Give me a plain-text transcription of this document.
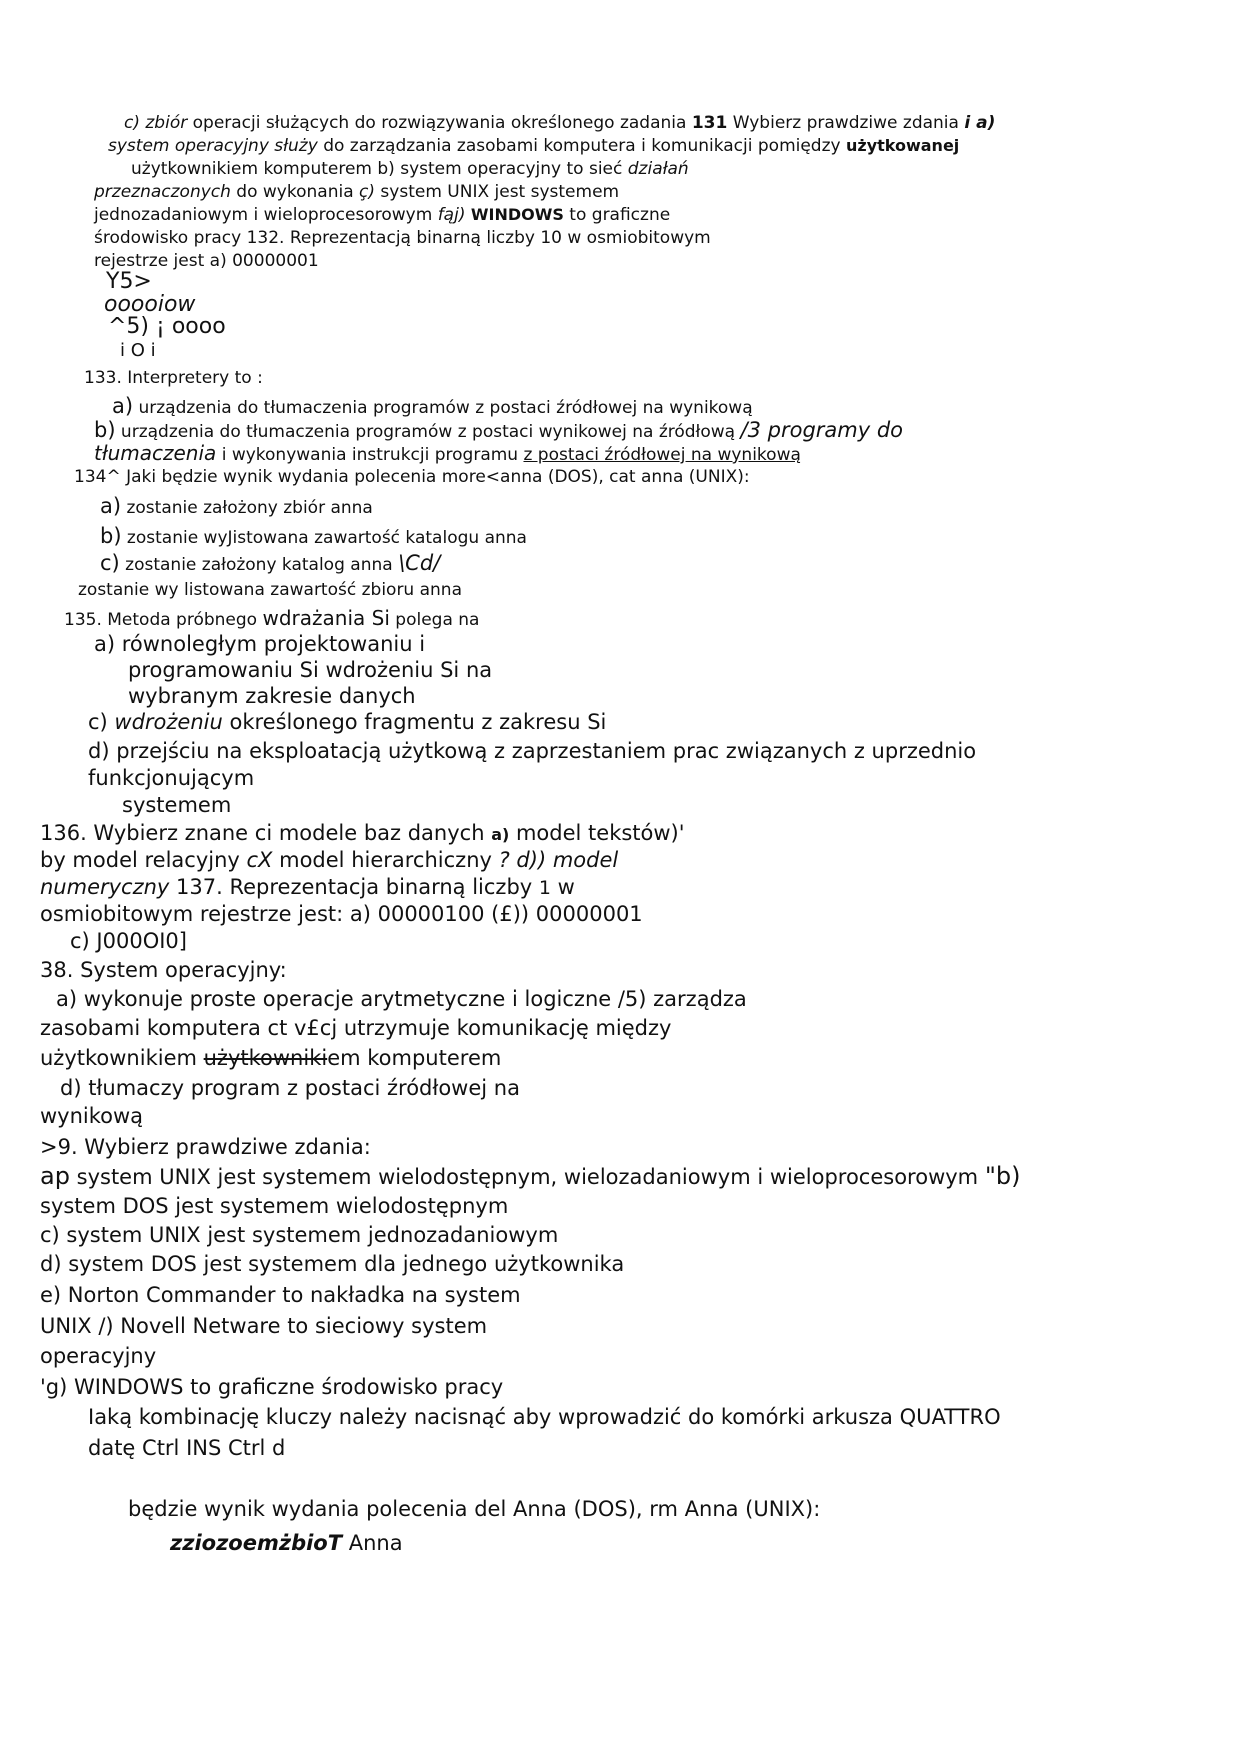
c) zbiór operacji służących do rozwiązywania określonego zadania 131 Wybierz prawdziwe zdania i a)
system operacyjny służy do zarządzania zasobami komputera i komunikacji pomiędzy użytkowanej
użytkownikiem komputerem b) system operacyjny to sieć działań
przeznaczonych do wykonania ç) system UNIX jest systemem
jednozadaniowym i wieloprocesorowym fąj) WINDOWS to graficzne
środowisko pracy 132. Reprezentacją binarną liczby 10 w osmiobitowym
rejestrze jest a) 00000001
Y5>
ooooiow
^5) ¡ oooo
i O i
133. Interpretery to :
a) urządzenia do tłumaczenia programów z postaci źródłowej na wynikową
b) urządzenia do tłumaczenia programów z postaci wynikowej na źródłową /3 programy do
tłumaczenia i wykonywania instrukcji programu z postaci źródłowej na wynikową
134^ Jaki będzie wynik wydania polecenia more<anna (DOS), cat anna (UNIX):
a) zostanie założony zbiór anna
b) zostanie wyJistowana zawartość katalogu anna
c) zostanie założony katalog anna \Cd/
zostanie wy listowana zawartość zbioru anna
135. Metoda próbnego wdrażania Si polega na
a) równoległym projektowaniu i
programowaniu Si wdrożeniu Si na
wybranym zakresie danych
c) wdrożeniu określonego fragmentu z zakresu Si
d) przejściu na eksploatacją użytkową z zaprzestaniem prac związanych z uprzednio
funkcjonującym
systemem
136. Wybierz znane ci modele baz danych a) model tekstów)'
by model relacyjny cX model hierarchiczny ? d)) model
numeryczny 137. Reprezentacja binarną liczby 1 w
osmiobitowym rejestrze jest: a) 00000100 (£)) 00000001
c) J000OI0]
38. System operacyjny:
a) wykonuje proste operacje arytmetyczne i logiczne /5) zarządza
zasobami komputera ct v£cj utrzymuje komunikację między
użytkownikiem użytkownikiem komputerem
d) tłumaczy program z postaci źródłowej na
wynikową
>9. Wybierz prawdziwe zdania:
ap system UNIX jest systemem wielodostępnym, wielozadaniowym i wieloprocesorowym "b)
system DOS jest systemem wielodostępnym
c) system UNIX jest systemem jednozadaniowym
d) system DOS jest systemem dla jednego użytkownika
e) Norton Commander to nakładka na system
UNIX /) Novell Netware to sieciowy system
operacyjny
'g) WINDOWS to graficzne środowisko pracy
Iaką kombinację kluczy należy nacisnąć aby wprowadzić do komórki arkusza QUATTRO
datę Ctrl INS Ctrl d
będzie wynik wydania polecenia del Anna (DOS), rm Anna (UNIX):
zziozoemżbioT Anna
